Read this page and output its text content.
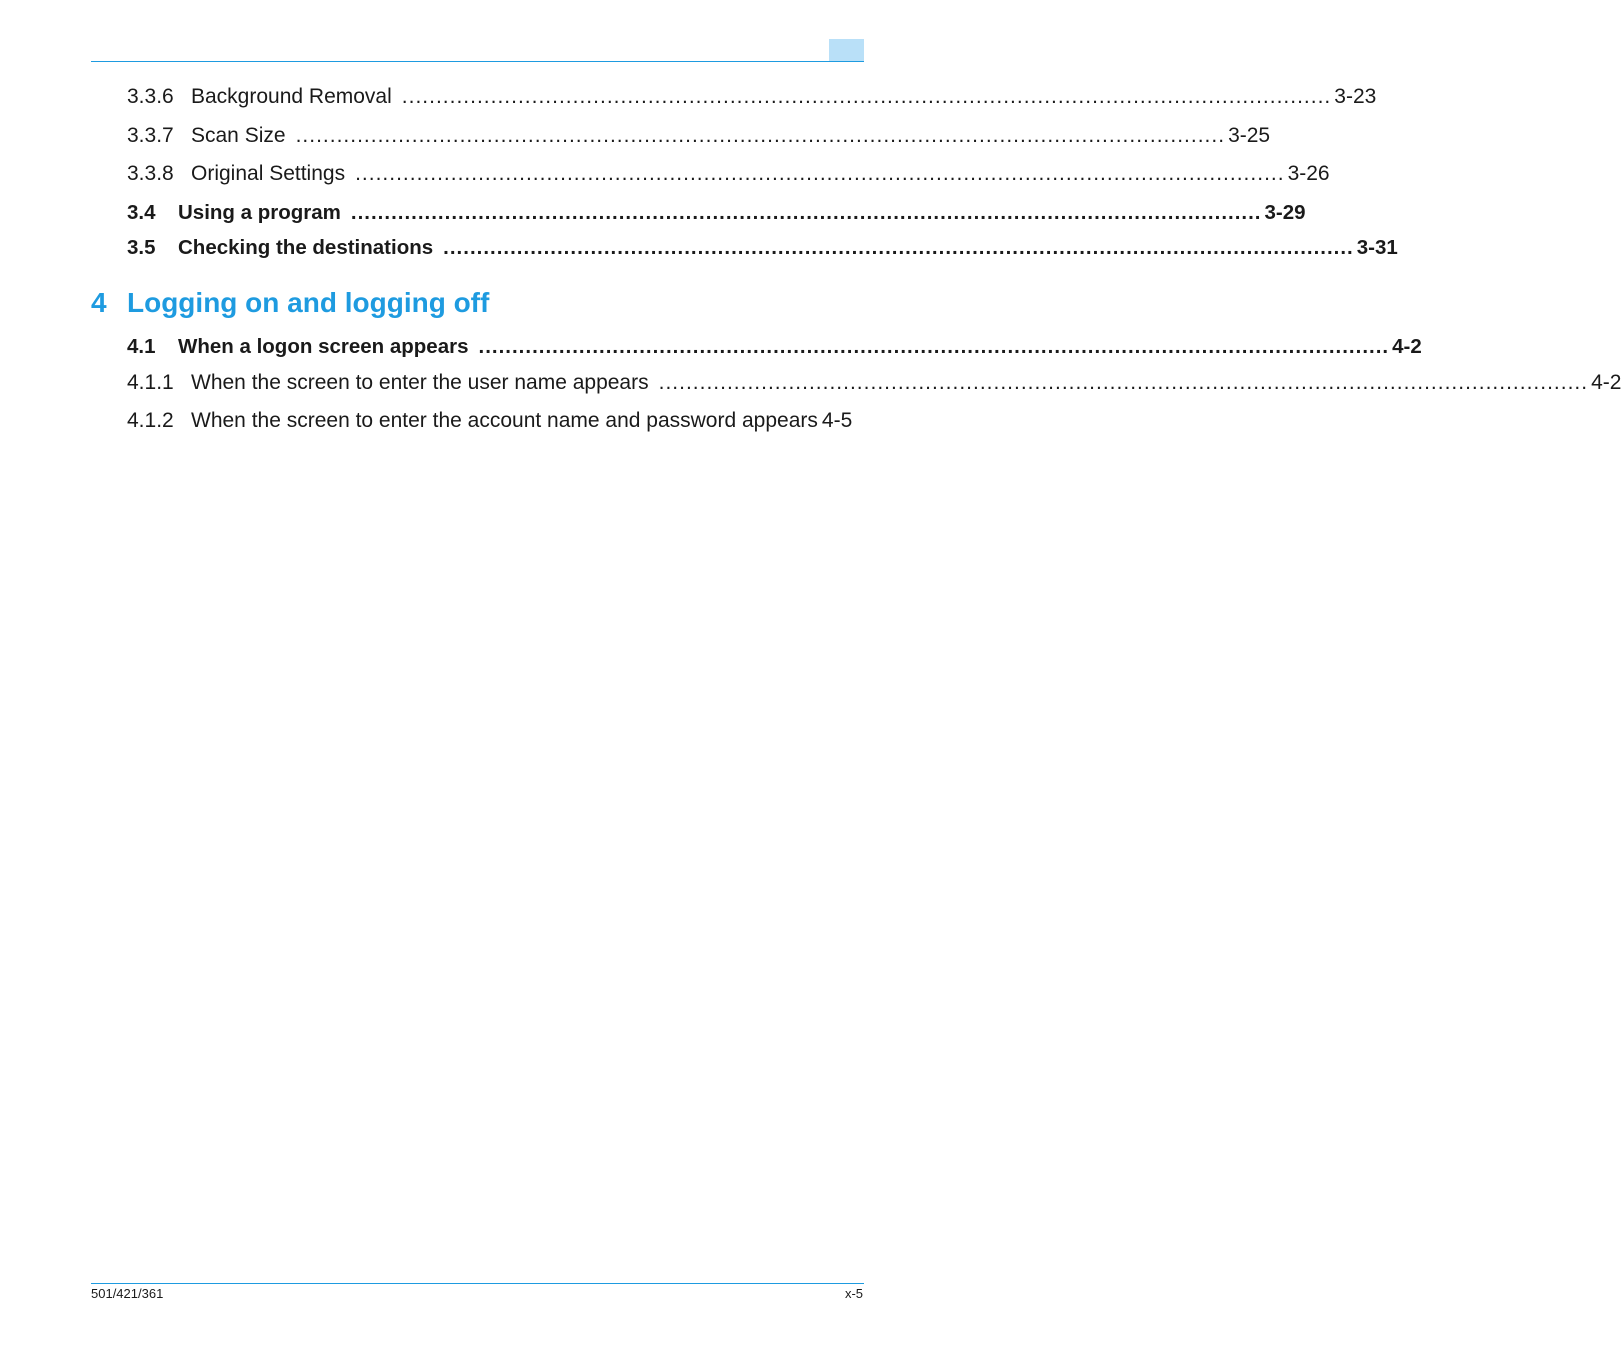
3.3.6 Background Removal ........................................................................................................................................ 3-23
3.3.7 Scan Size ........................................................................................................................................ 3-25
3.3.8 Original Settings ........................................................................................................................................ 3-26
3.4	Using a program ........................................................................................................................................ 3-29
3.5	Checking the destinations ........................................................................................................................................ 3-31
4 Logging on and logging off
4.1	When a logon screen appears ........................................................................................................................................ 4-2
4.1.1 When the screen to enter the user name appears ........................................................................................................................................ 4-2
4.1.2 When the screen to enter the account name and password appears 4-5
501/421/361	x-5
